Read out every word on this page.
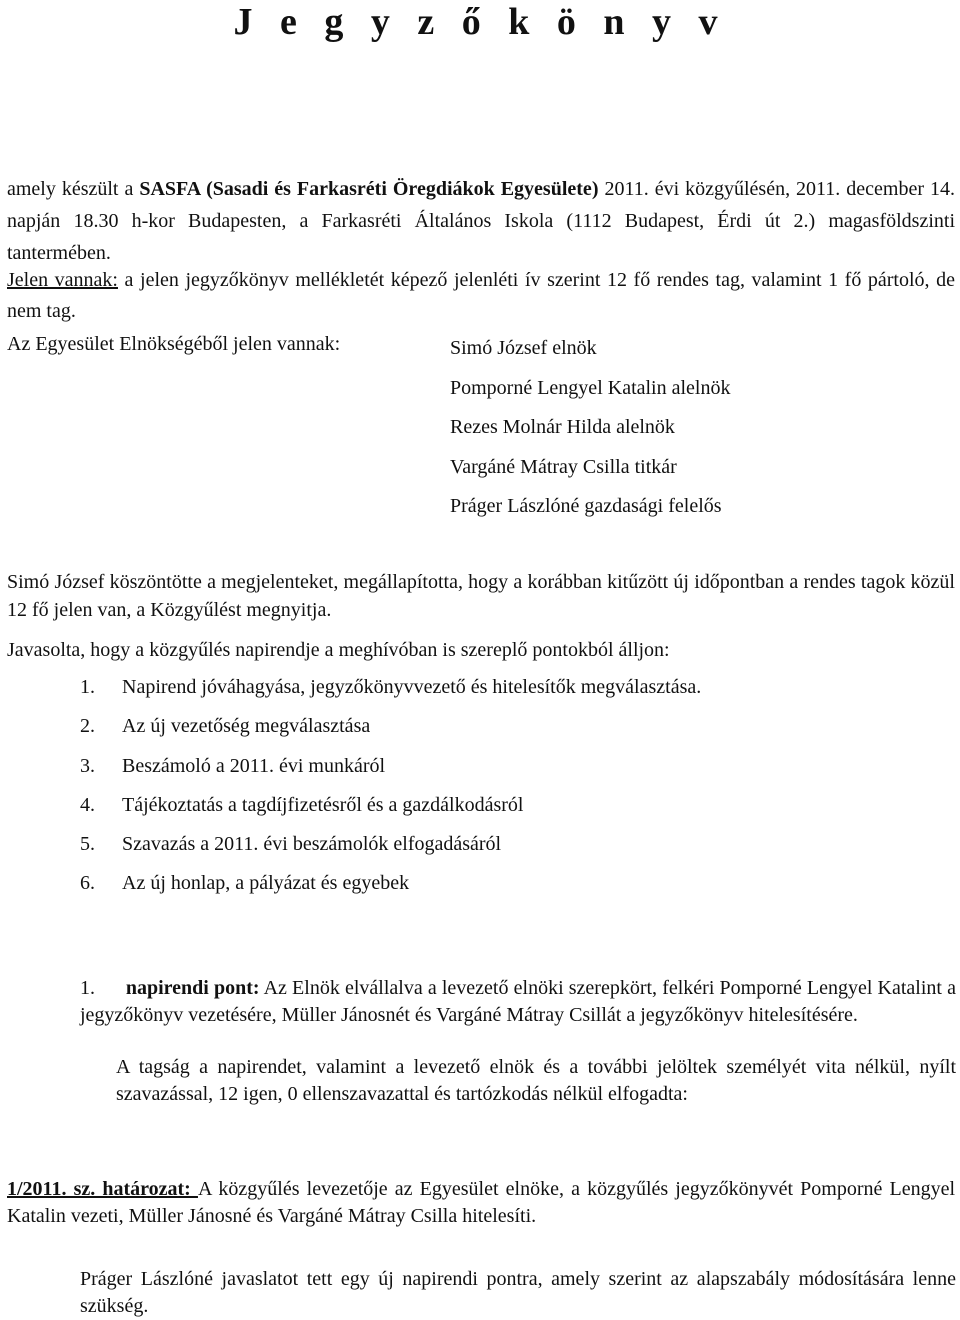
J e g y z ő k ö n y v

amely készült a SASFA (Sasadi és Farkasréti Öregdiákok Egyesülete) 2011. évi közgyűlésén, 2011. december 14. napján 18.30 h-kor Budapesten, a Farkasréti Általános Iskola (1112 Budapest, Érdi út 2.) magasföldszinti tantermében.

Jelen vannak: a jelen jegyzőkönyv mellékletét képező jelenléti ív szerint 12 fő rendes tag, valamint 1 fő pártoló, de nem tag.

Az Egyesület Elnökségéből jelen vannak:	Simó József elnök
Pomporné Lengyel Katalin alelnök
Rezes Molnár Hilda alelnök
Vargáné Mátray Csilla titkár
Práger Lászlóné gazdasági felelős

Simó József köszöntötte a megjelenteket, megállapította, hogy a korábban kitűzött új időpontban a rendes tagok közül 12 fő jelen van, a Közgyűlést megnyitja.

Javasolta, hogy a közgyűlés napirendje a meghívóban is szereplő pontokból álljon:

1. Napirend jóváhagyása, jegyzőkönyvvezető és hitelesítők megválasztása.
2. Az új vezetőség megválasztása
3. Beszámoló a 2011. évi munkáról
4. Tájékoztatás a tagdíjfizetésről és a gazdálkodásról
5. Szavazás a 2011. évi beszámolók elfogadásáról
6. Az új honlap, a pályázat és egyebek

1. napirendi pont: Az Elnök elvállalva a levezető elnöki szerepkört, felkéri Pomporné Lengyel Katalint a jegyzőkönyv vezetésére, Müller Jánosnét és Vargáné Mátray Csillát a jegyzőkönyv hitelesítésére.

A tagság a napirendet, valamint a levezető elnök és a további jelöltek személyét vita nélkül, nyílt szavazással, 12 igen, 0 ellenszavazattal és tartózkodás nélkül elfogadta:

1/2011. sz. határozat: A közgyűlés levezetője az Egyesület elnöke, a közgyűlés jegyzőkönyvét Pomporné Lengyel Katalin vezeti, Müller Jánosné és Vargáné Mátray Csilla hitelesíti.

Práger Lászlóné javaslatot tett egy új napirendi pontra, amely szerint az alapszabály módosítására lenne szükség.
